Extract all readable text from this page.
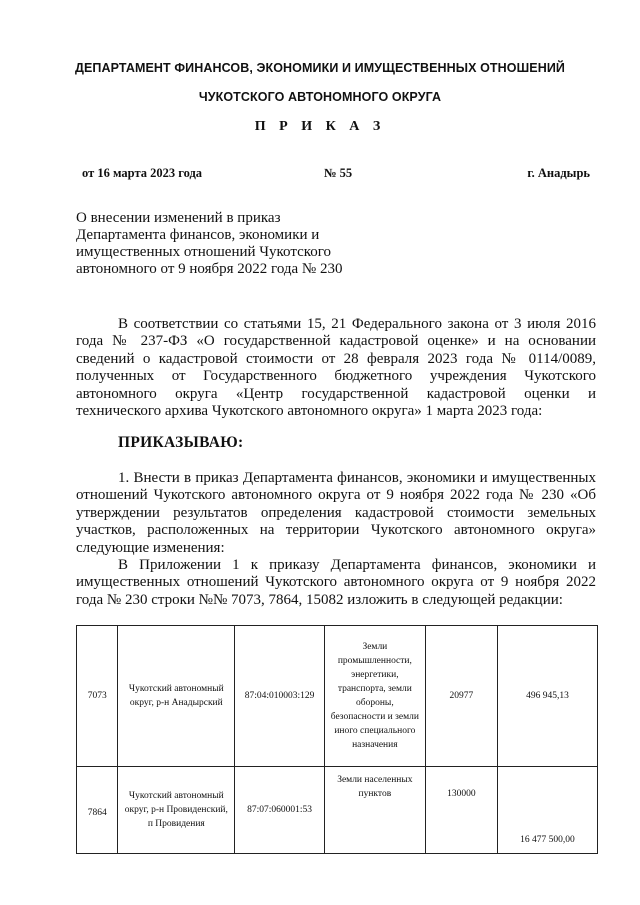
ДЕПАРТАМЕНТ ФИНАНСОВ, ЭКОНОМИКИ И ИМУЩЕСТВЕННЫХ ОТНОШЕНИЙ
ЧУКОТСКОГО АВТОНОМНОГО ОКРУГА
П Р И К А З
от 16 марта 2023 года	№ 55	г. Анадырь

О внесении изменений в приказ

Департамента финансов, экономики и

имущественных отношений Чукотского

автономного от 9 ноября 2022 года № 230

В соответствии со статьями 15, 21 Федерального закона от 3 июля 2016 года № 237-ФЗ «О государственной кадастровой оценке» и на основании сведений о кадастровой стоимости от 28 февраля 2023 года № 0114/0089, полученных от Государственного бюджетного учреждения Чукотского автономного округа «Центр государственной кадастровой оценки и технического архива Чукотского автономного округа» 1 марта 2023 года:

ПРИКАЗЫВАЮ:

1. Внести в приказ Департамента финансов, экономики и имущественных отношений Чукотского автономного округа от 9 ноября 2022 года № 230 «Об утверждении результатов определения кадастровой стоимости земельных участков, расположенных на территории Чукотского автономного округа» следующие изменения:

В Приложении 1 к приказу Департамента финансов, экономики и имущественных отношений Чукотского автономного округа от 9 ноября 2022 года № 230 строки №№ 7073, 7864, 15082 изложить в следующей редакции:

7073	Чукотский автономный округ, р-н Анадырский	87:04:010003:129	Земли промышленности, энергетики, транспорта, земли обороны, безопасности и земли иного специального назначения	20977	496 945,13
7864	Чукотский автономный округ, р-н Провиденский, п Провидения	87:07:060001:53	Земли населенных пунктов	130000	16 477 500,00
